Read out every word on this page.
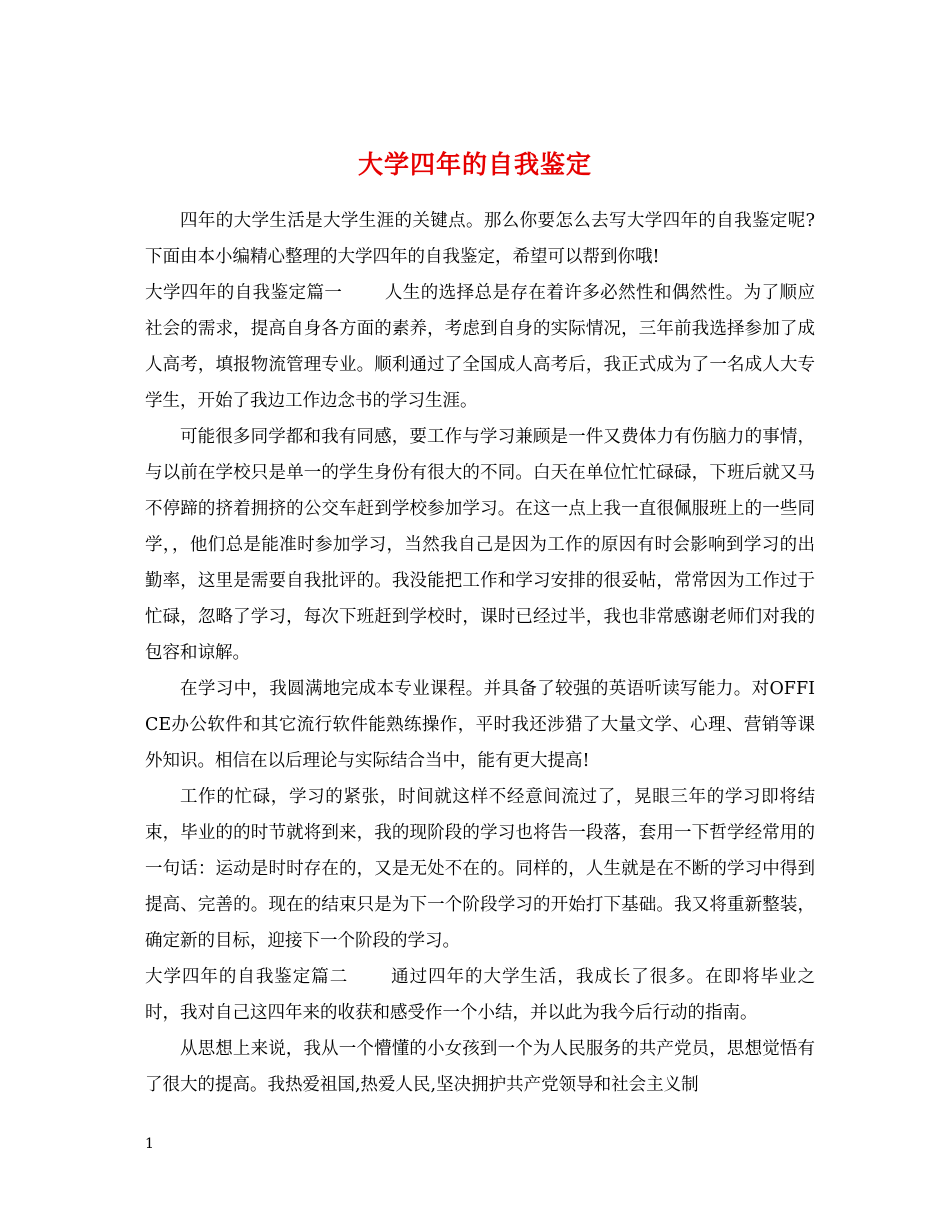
大学四年的自我鉴定

四年的大学生活是大学生涯的关键点。那么你要怎么去写大学四年的自我鉴定呢?下面由本小编精心整理的大学四年的自我鉴定，希望可以帮到你哦!

大学四年的自我鉴定篇一 人生的选择总是存在着许多必然性和偶然性。为了顺应社会的需求，提高自身各方面的素养，考虑到自身的实际情况，三年前我选择参加了成人高考，填报物流管理专业。顺利通过了全国成人高考后，我正式成为了一名成人大专学生，开始了我边工作边念书的学习生涯。

可能很多同学都和我有同感，要工作与学习兼顾是一件又费体力有伤脑力的事情，与以前在学校只是单一的学生身份有很大的不同。白天在单位忙忙碌碌，下班后就又马不停蹄的挤着拥挤的公交车赶到学校参加学习。在这一点上我一直很佩服班上的一些同学，，他们总是能准时参加学习，当然我自己是因为工作的原因有时会影响到学习的出勤率，这里是需要自我批评的。我没能把工作和学习安排的很妥帖，常常因为工作过于忙碌，忽略了学习，每次下班赶到学校时，课时已经过半，我也非常感谢老师们对我的包容和谅解。

在学习中，我圆满地完成本专业课程。并具备了较强的英语听读写能力。对OFFICE办公软件和其它流行软件能熟练操作，平时我还涉猎了大量文学、心理、营销等课外知识。相信在以后理论与实际结合当中，能有更大提高!

工作的忙碌，学习的紧张，时间就这样不经意间流过了，晃眼三年的学习即将结束，毕业的的时节就将到来，我的现阶段的学习也将告一段落，套用一下哲学经常用的一句话：运动是时时存在的，又是无处不在的。同样的，人生就是在不断的学习中得到提高、完善的。现在的结束只是为下一个阶段学习的开始打下基础。我又将重新整装，确定新的目标，迎接下一个阶段的学习。

大学四年的自我鉴定篇二 通过四年的大学生活，我成长了很多。在即将毕业之时，我对自己这四年来的收获和感受作一个小结，并以此为我今后行动的指南。

从思想上来说，我从一个懵懂的小女孩到一个为人民服务的共产党员，思想觉悟有了很大的提高。我热爱祖国,热爱人民,坚决拥护共产党领导和社会主义制

1
